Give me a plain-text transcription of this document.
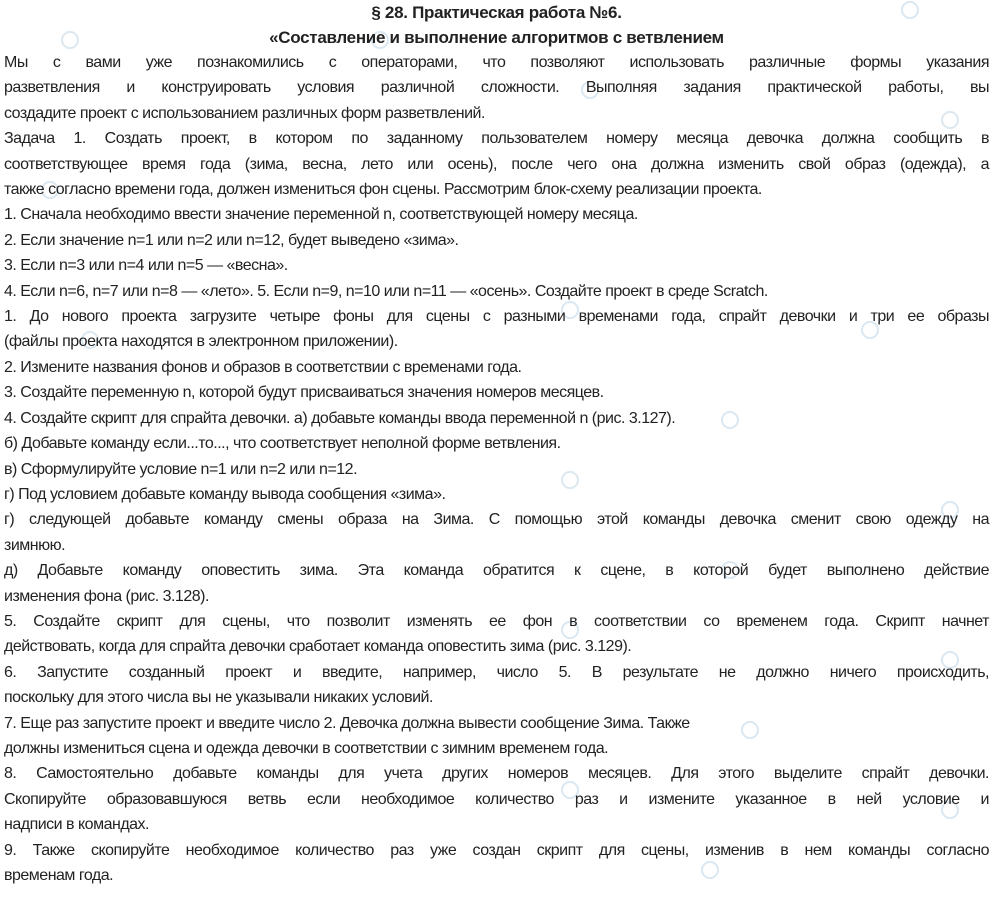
§ 28. Практическая работа №6.
«Составление и выполнение алгоритмов с ветвлением
Мы с вами уже познакомились с операторами, что позволяют использовать различные формы указания
разветвления и конструировать условия различной сложности. Выполняя задания практической работы, вы
создадите проект с использованием различных форм разветвлений.
Задача 1. Создать проект, в котором по заданному пользователем номеру месяца девочка должна сообщить в
соответствующее время года (зима, весна, лето или осень), после чего она должна изменить свой образ (одежда), а
также согласно времени года, должен измениться фон сцены. Рассмотрим блок-схему реализации проекта.
1. Сначала необходимо ввести значение переменной n, соответствующей номеру месяца.
2. Если значение n=1 или n=2 или n=12, будет выведено «зима».
3. Если n=3 или n=4 или n=5 — «весна».
4. Если n=6, n=7 или n=8 — «лето». 5. Если n=9, n=10 или n=11 — «осень». Создайте проект в среде Scratch.
1. До нового проекта загрузите четыре фоны для сцены с разными временами года, спрайт девочки и три ее образы
(файлы проекта находятся в электронном приложении).
2. Измените названия фонов и образов в соответствии с временами года.
3. Создайте переменную n, которой будут присваиваться значения номеров месяцев.
4. Создайте скрипт для спрайта девочки. а) добавьте команды ввода переменной n (рис. 3.127).
б) Добавьте команду если...то..., что соответствует неполной форме ветвления.
в) Сформулируйте условие n=1 или n=2 или n=12.
г) Под условием добавьте команду вывода сообщения «зима».
г) следующей добавьте команду смены образа на Зима. С помощью этой команды девочка сменит свою одежду на
зимнюю.
д) Добавьте команду оповестить зима. Эта команда обратится к сцене, в которой будет выполнено действие
изменения фона (рис. 3.128).
5. Создайте скрипт для сцены, что позволит изменять ее фон в соответствии со временем года. Скрипт начнет
действовать, когда для спрайта девочки сработает команда оповестить зима (рис. 3.129).
6. Запустите созданный проект и введите, например, число 5. В результате не должно ничего происходить,
поскольку для этого числа вы не указывали никаких условий.
7. Еще раз запустите проект и введите число 2. Девочка должна вывести сообщение Зима. Также
должны измениться сцена и одежда девочки в соответствии с зимним временем года.
8. Самостоятельно добавьте команды для учета других номеров месяцев. Для этого выделите спрайт девочки.
Скопируйте образовавшуюся ветвь если необходимое количество раз и измените указанное в ней условие и
надписи в командах.
9. Также скопируйте необходимое количество раз уже создан скрипт для сцены, изменив в нем команды согласно
временам года.
